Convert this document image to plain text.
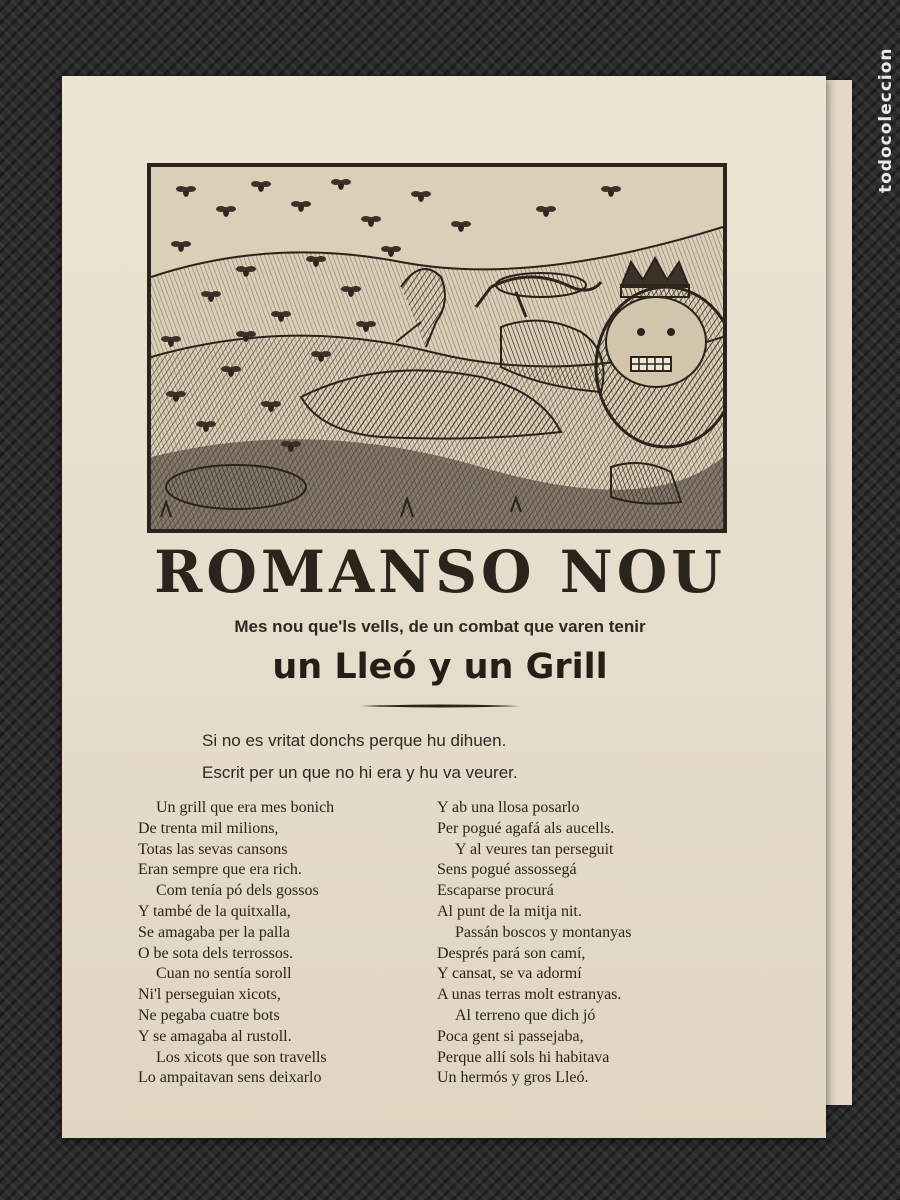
todocoleccion
ROMANSO NOU

Mes nou que'ls vells, de un combat que varen tenir

un Lleó y un Grill

Si no es vritat donchs perque hu dihuen.

Escrit per un que no hi era y hu va veurer.

Un grill que era mes bonich
De trenta mil milions,
Totas las sevas cansons
Eran sempre que era rich.
Com tenía pó dels gossos
Y també de la quitxalla,
Se amagaba per la palla
O be sota dels terrossos.
Cuan no sentía soroll
Ni'l perseguian xicots,
Ne pegaba cuatre bots
Y se amagaba al rustoll.
Los xicots que son travells
Lo ampaitavan sens deixarlo
Y ab una llosa posarlo
Per pogué agafá als aucells.
Y al veures tan perseguit
Sens pogué assossegá
Escaparse procurá
Al punt de la mitja nit.
Passán boscos y montanyas
Després pará son camí,
Y cansat, se va adormí
A unas terras molt estranyas.
Al terreno que dich jó
Poca gent si passejaba,
Perque allí sols hi habitava
Un hermós y gros Lleó.
